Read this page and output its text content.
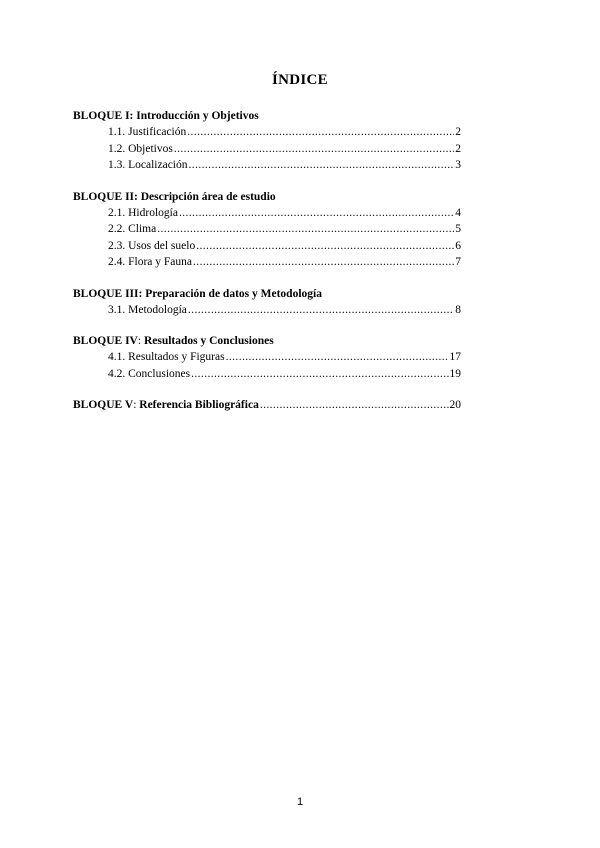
ÍNDICE
BLOQUE I: Introducción y Objetivos
1.1. Justificación .....	2
1.2. Objetivos .....	2
1.3. Localización .....	3
BLOQUE II: Descripción área de estudio
2.1. Hidrología .....	4
2.2. Clima .....	5
2.3. Usos del suelo .....	6
2.4. Flora y Fauna .....	7
BLOQUE III: Preparación de datos y Metodología
3.1. Metodología .....	8
BLOQUE IV: Resultados y Conclusiones
4.1. Resultados y Figuras .....	17
4.2. Conclusiones .....	19
BLOQUE V: Referencia Bibliográfica .....	20
1
